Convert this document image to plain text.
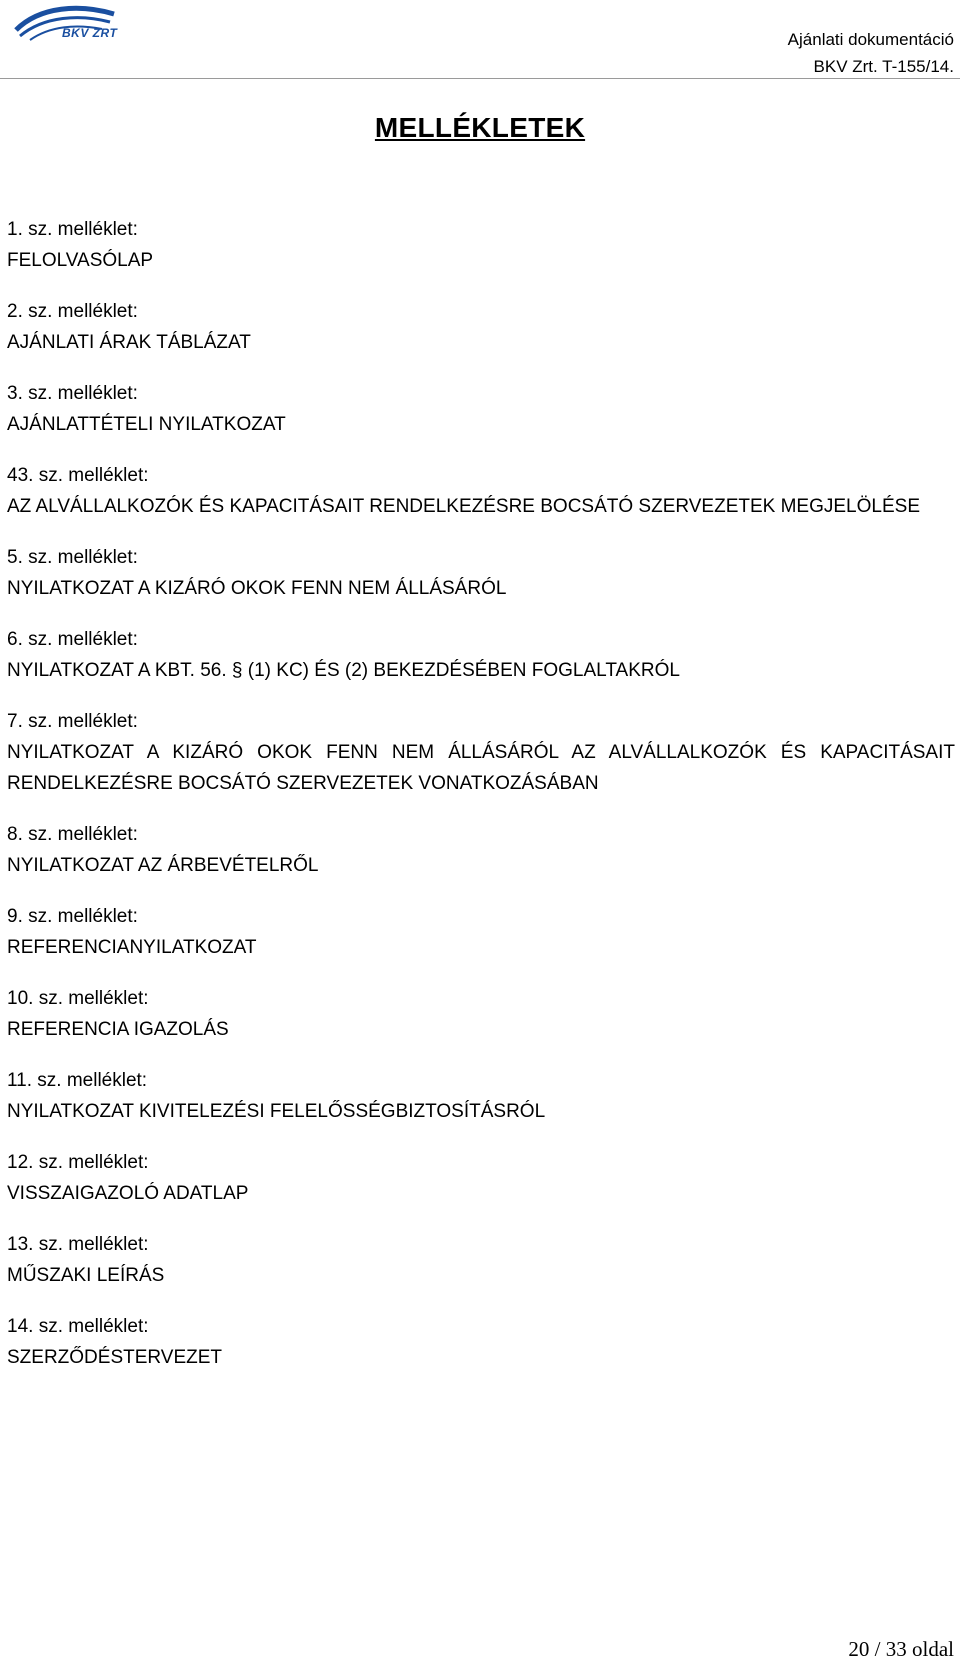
BKV ZRT	Ajánlati dokumentáció
BKV Zrt. T-155/14.
MELLÉKLETEK
1. sz. melléklet:
FELOLVASÓLAP
2. sz. melléklet:
AJÁNLATI ÁRAK TÁBLÁZAT
3. sz. melléklet:
AJÁNLATTÉTELI NYILATKOZAT
43. sz. melléklet:
AZ ALVÁLLALKOZÓK ÉS KAPACITÁSAIT RENDELKEZÉSRE BOCSÁTÓ SZERVEZETEK MEGJELÖLÉSE
5. sz. melléklet:
NYILATKOZAT A KIZÁRÓ OKOK FENN NEM ÁLLÁSÁRÓL
6. sz. melléklet:
NYILATKOZAT A KBT. 56. § (1) KC) ÉS (2) BEKEZDÉSÉBEN FOGLALTAKRÓL
7. sz. melléklet:
NYILATKOZAT A KIZÁRÓ OKOK FENN NEM ÁLLÁSÁRÓL AZ ALVÁLLALKOZÓK ÉS KAPACITÁSAIT RENDELKEZÉSRE BOCSÁTÓ SZERVEZETEK VONATKOZÁSÁBAN
8. sz. melléklet:
NYILATKOZAT AZ ÁRBEVÉTELRŐL
9. sz. melléklet:
REFERENCIANYILATKOZAT
10. sz. melléklet:
REFERENCIA IGAZOLÁS
11. sz. melléklet:
NYILATKOZAT KIVITELEZÉSI FELELŐSSÉGBIZTOSÍTÁSRÓL
12. sz. melléklet:
VISSZAIGAZOLÓ ADATLAP
13. sz. melléklet:
MŰSZAKI LEÍRÁS
14. sz. melléklet:
SZERZŐDÉSTERVEZET
20 / 33 oldal
